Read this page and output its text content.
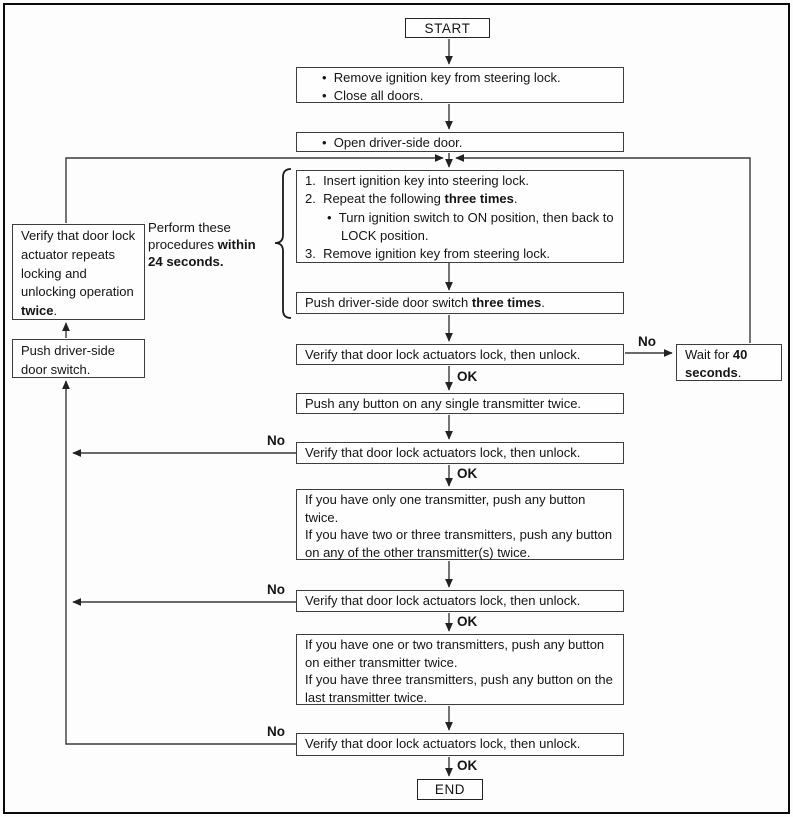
START
•  Remove ignition key from steering lock.
•  Close all doors.
•  Open driver-side door.
1.  Insert ignition key into steering lock.
2.  Repeat the following three times.
•  Turn ignition switch to ON position, then back to LOCK position.
3.  Remove ignition key from steering lock.
Perform these
procedures within
24 seconds.
Push driver-side door switch three times.
Verify that door lock actuators lock, then unlock.
No
Wait for 40 seconds.
OK
Push any button on any single transmitter twice.
No
Verify that door lock actuators lock, then unlock.
OK
If you have only one transmitter, push any button twice.
If you have two or three transmitters, push any button on any of the other transmitter(s) twice.
No
Verify that door lock actuators lock, then unlock.
OK
If you have one or two transmitters, push any button on either transmitter twice.
If you have three transmitters, push any button on the last transmitter twice.
No
Verify that door lock actuators lock, then unlock.
OK
END
Verify that door lock actuator repeats locking and unlocking operation twice.
Push driver-side door switch.
